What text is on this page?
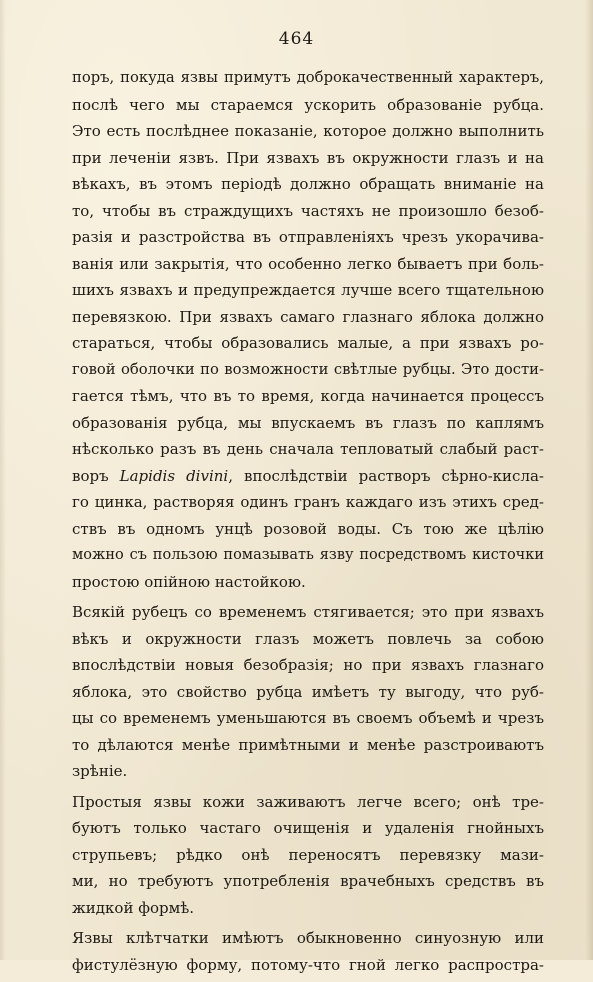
464
поръ, покуда язвы примутъ доброкачественный характеръ,
послѣ чего мы стараемся ускорить образованіе рубца.
Это есть послѣднее показаніе, которое должно выполнить
при леченіи язвъ. При язвахъ въ окружности глазъ и на
вѣкахъ, въ этомъ періодѣ должно обращать вниманіе на
то, чтобы въ страждущихъ частяхъ не произошло безоб-
разія и разстройства въ отправленіяхъ чрезъ укорачива-
ванія или закрытія, что особенно легко бываетъ при боль-
шихъ язвахъ и предупреждается лучше всего тщательною
перевязкою. При язвахъ самаго глазнаго яблока должно
стараться, чтобы образовались малые, а при язвахъ ро-
говой оболочки по возможности свѣтлые рубцы. Это дости-
гается тѣмъ, что въ то время, когда начинается процессъ
образованія рубца, мы впускаемъ въ глазъ по каплямъ
нѣсколько разъ въ день сначала тепловатый слабый раст-
воръ Lapidis divini, впослѣдствіи растворъ сѣрно-кисла-
го цинка, растворяя одинъ гранъ каждаго изъ этихъ сред-
ствъ въ одномъ унцѣ розовой воды. Съ тою же цѣлію
можно съ пользою помазывать язву посредствомъ кисточки
простою опійною настойкою.
Всякій рубецъ со временемъ стягивается; это при язвахъ
вѣкъ и окружности глазъ можетъ повлечь за собою
впослѣдствіи новыя безобразія; но при язвахъ глазнаго
яблока, это свойство рубца имѣетъ ту выгоду, что руб-
цы со временемъ уменьшаются въ своемъ объемѣ и чрезъ
то дѣлаются менѣе примѣтными и менѣе разстроиваютъ
зрѣніе.
Простыя язвы кожи заживаютъ легче всего; онѣ тре-
буютъ только частаго очищенія и удаленія гнойныхъ
струпьевъ; рѣдко онѣ переносятъ перевязку мази-
ми, но требуютъ употребленія врачебныхъ средствъ въ
жидкой формѣ.
Язвы клѣтчатки имѣютъ обыкновенно синуозную или
фистулёзную форму, потому-что гной легко распростра-
